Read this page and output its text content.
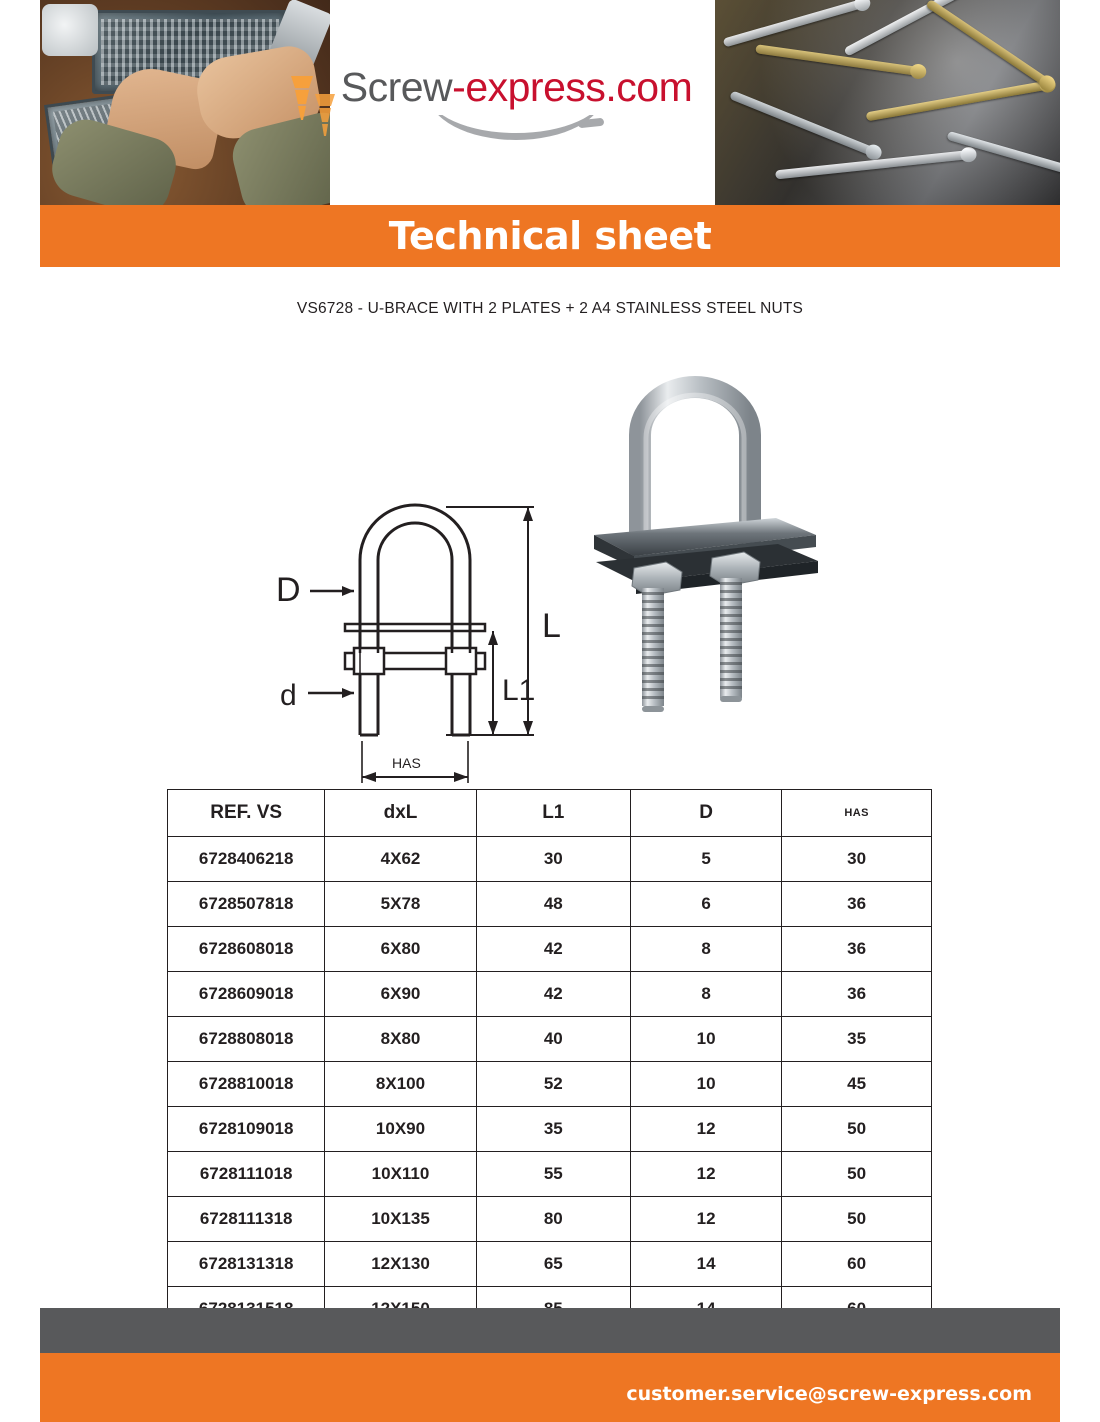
Screw-express.com
Technical sheet
VS6728 - U-BRACE WITH 2 PLATES + 2 A4 STAINLESS STEEL NUTS
D
d
L
L1
HAS
REF. VS	dxL	L1	D	HAS
6728406218	4X62	30	5	30
6728507818	5X78	48	6	36
6728608018	6X80	42	8	36
6728609018	6X90	42	8	36
6728808018	8X80	40	10	35
6728810018	8X100	52	10	45
6728109018	10X90	35	12	50
6728111018	10X110	55	12	50
6728111318	10X135	80	12	50
6728131318	12X130	65	14	60

customer.service@screw-express.com
